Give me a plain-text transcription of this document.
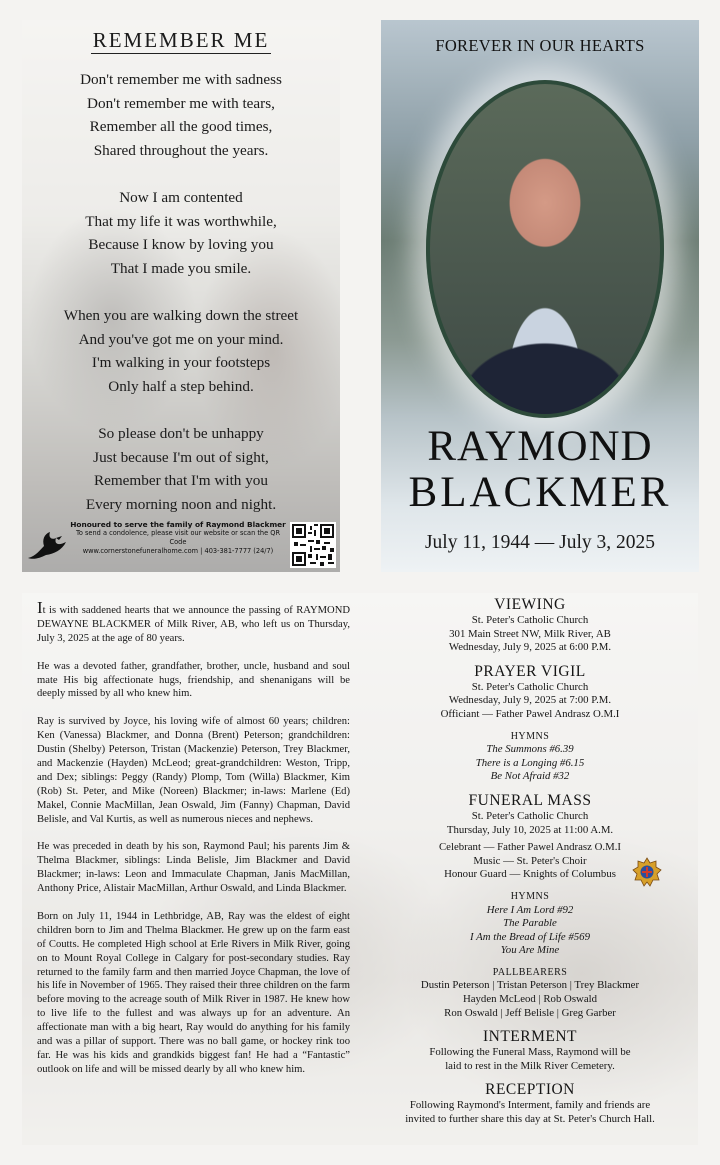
REMEMBER ME
Don't remember me with sadness
Don't remember me with tears,
Remember all the good times,
Shared throughout the years.
Now I am contented
That my life it was worthwhile,
Because I know by loving you
That I made you smile.
When you are walking down the street
And you've got me on your mind.
I'm walking in your footsteps
Only half a step behind.
So please don't be unhappy
Just because I'm out of sight,
Remember that I'm with you
Every morning noon and night.
Honoured to serve the family of Raymond Blackmer
To send a condolence, please visit our website or scan the QR Code
www.cornerstonefuneralhome.com | 403-381-7777 (24/7)
FOREVER IN OUR HEARTS
RAYMOND
BLACKMER
July 11, 1944 — July 3, 2025

It is with saddened hearts that we announce the passing of RAYMOND DEWAYNE BLACKMER of Milk River, AB, who left us on Thursday, July 3, 2025 at the age of 80 years.

He was a devoted father, grandfather, brother, uncle, husband and soul mate His big affectionate hugs, friendship, and shenanigans will be deeply missed by all who knew him.

Ray is survived by Joyce, his loving wife of almost 60 years; children: Ken (Vanessa) Blackmer, and Donna (Brent) Peterson; grandchildren: Dustin (Shelby) Peterson, Tristan (Mackenzie) Peterson, Trey Blackmer, and Mackenzie (Hayden) McLeod; great-grandchildren: Weston, Tripp, and Dex; siblings: Peggy (Randy) Plomp, Tom (Willa) Blackmer, Kim (Rob) St. Peter, and Mike (Noreen) Blackmer; in-laws: Marlene (Ed) Makel, Connie MacMillan, Jean Oswald, Jim (Fanny) Chapman, David Belisle, and Val Kurtis, as well as numerous nieces and nephews.

He was preceded in death by his son, Raymond Paul; his parents Jim & Thelma Blackmer, siblings: Linda Belisle, Jim Blackmer and David Blackmer; in-laws: Leon and Immaculate Chapman, Janis MacMillan, Anthony Price, Alistair MacMillan, Arthur Oswald, and Linda Blackmer.

Born on July 11, 1944 in Lethbridge, AB, Ray was the eldest of eight children born to Jim and Thelma Blackmer. He grew up on the farm east of Coutts. He completed High school at Erle Rivers in Milk River, going on to Mount Royal College in Calgary for post-secondary studies. Ray returned to the family farm and then married Joyce Chapman, the love of his life in November of 1965. They raised their three children on the farm before moving to the acreage south of Milk River in 1987. He knew how to live life to the fullest and was always up for an adventure. An affectionate man with a big heart, Ray would do anything for his family and was a pillar of support. There was no ball game, or hockey rink too far. He was his kids and grandkids biggest fan! He had a “Fantastic” outlook on life and will be missed dearly by all who knew him.

VIEWING
St. Peter's Catholic Church
301 Main Street NW, Milk River, AB
Wednesday, July 9, 2025 at 6:00 P.M.
PRAYER VIGIL
St. Peter's Catholic Church
Wednesday, July 9, 2025 at 7:00 P.M.
Officiant — Father Pawel Andrasz O.M.I
HYMNS
The Summons #6.39
There is a Longing #6.15
Be Not Afraid #32
FUNERAL MASS
St. Peter's Catholic Church
Thursday, July 10, 2025 at 11:00 A.M.
Celebrant — Father Pawel Andrasz O.M.I
Music — St. Peter's Choir
Honour Guard — Knights of Columbus
HYMNS
Here I Am Lord #92
The Parable
I Am the Bread of Life #569
You Are Mine
PALLBEARERS
Dustin Peterson | Tristan Peterson | Trey Blackmer
Hayden McLeod | Rob Oswald
Ron Oswald | Jeff Belisle | Greg Garber
INTERMENT
Following the Funeral Mass, Raymond will be
laid to rest in the Milk River Cemetery.
RECEPTION
Following Raymond's Interment, family and friends are
invited to further share this day at St. Peter's Church Hall.
